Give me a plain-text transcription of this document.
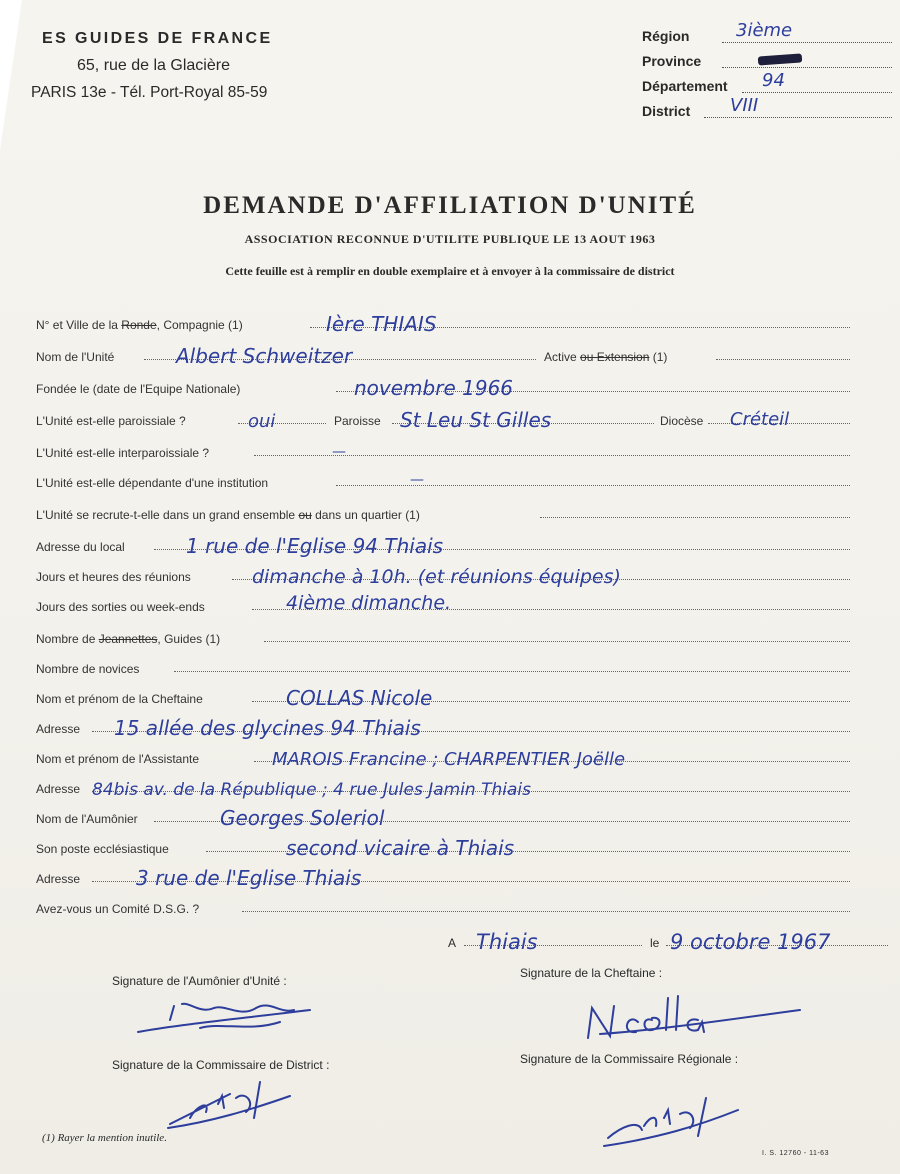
ES GUIDES DE FRANCE
65, rue de la Glacière
PARIS 13e - Tél. Port-Royal 85-59
Région	3ième
Province
Département 94
District VIII
DEMANDE D'AFFILIATION D'UNITÉ
ASSOCIATION RECONNUE D'UTILITE PUBLIQUE LE 13 AOUT 1963
Cette feuille est à remplir en double exemplaire et à envoyer à la commissaire de district
N° et Ville de la Ronde, Compagnie (1)	Ière THIAIS
Nom de l'Unité	Albert Schweitzer	Active ou Extension (1)
Fondée le (date de l'Equipe Nationale)	novembre 1966
L'Unité est-elle paroissiale ?	oui	Paroisse St Leu St Gilles	Diocèse Créteil
L'Unité est-elle interparoissiale ?	—
L'Unité est-elle dépendante d'une institution	—
L'Unité se recrute-t-elle dans un grand ensemble ou dans un quartier (1)
Adresse du local	1 rue de l'Eglise 94 Thiais
Jours et heures des réunions	dimanche à 10h. (et réunions équipes)
Jours des sorties ou week-ends	4ième dimanche.
Nombre de Jeannettes, Guides (1)
Nombre de novices
Nom et prénom de la Cheftaine	COLLAS Nicole
Adresse 15 allée des glycines 94 Thiais
Nom et prénom de l'Assistante	MAROIS Francine ; CHARPENTIER Joëlle
Adresse 84bis av. de la République ; 4 rue Jules Jamin Thiais
Nom de l'Aumônier	Georges Soleriol
Son poste ecclésiastique	second vicaire à Thiais
Adresse	3 rue de l'Eglise Thiais
Avez-vous un Comité D.S.G. ?
A Thiais	le 9 octobre 1967
Signature de l'Aumônier d'Unité :
Signature de la Cheftaine :
Signature de la Commissaire de District :	Signature de la Commissaire Régionale :
(1) Rayer la mention inutile.
I. S. 12760 - 11-63
